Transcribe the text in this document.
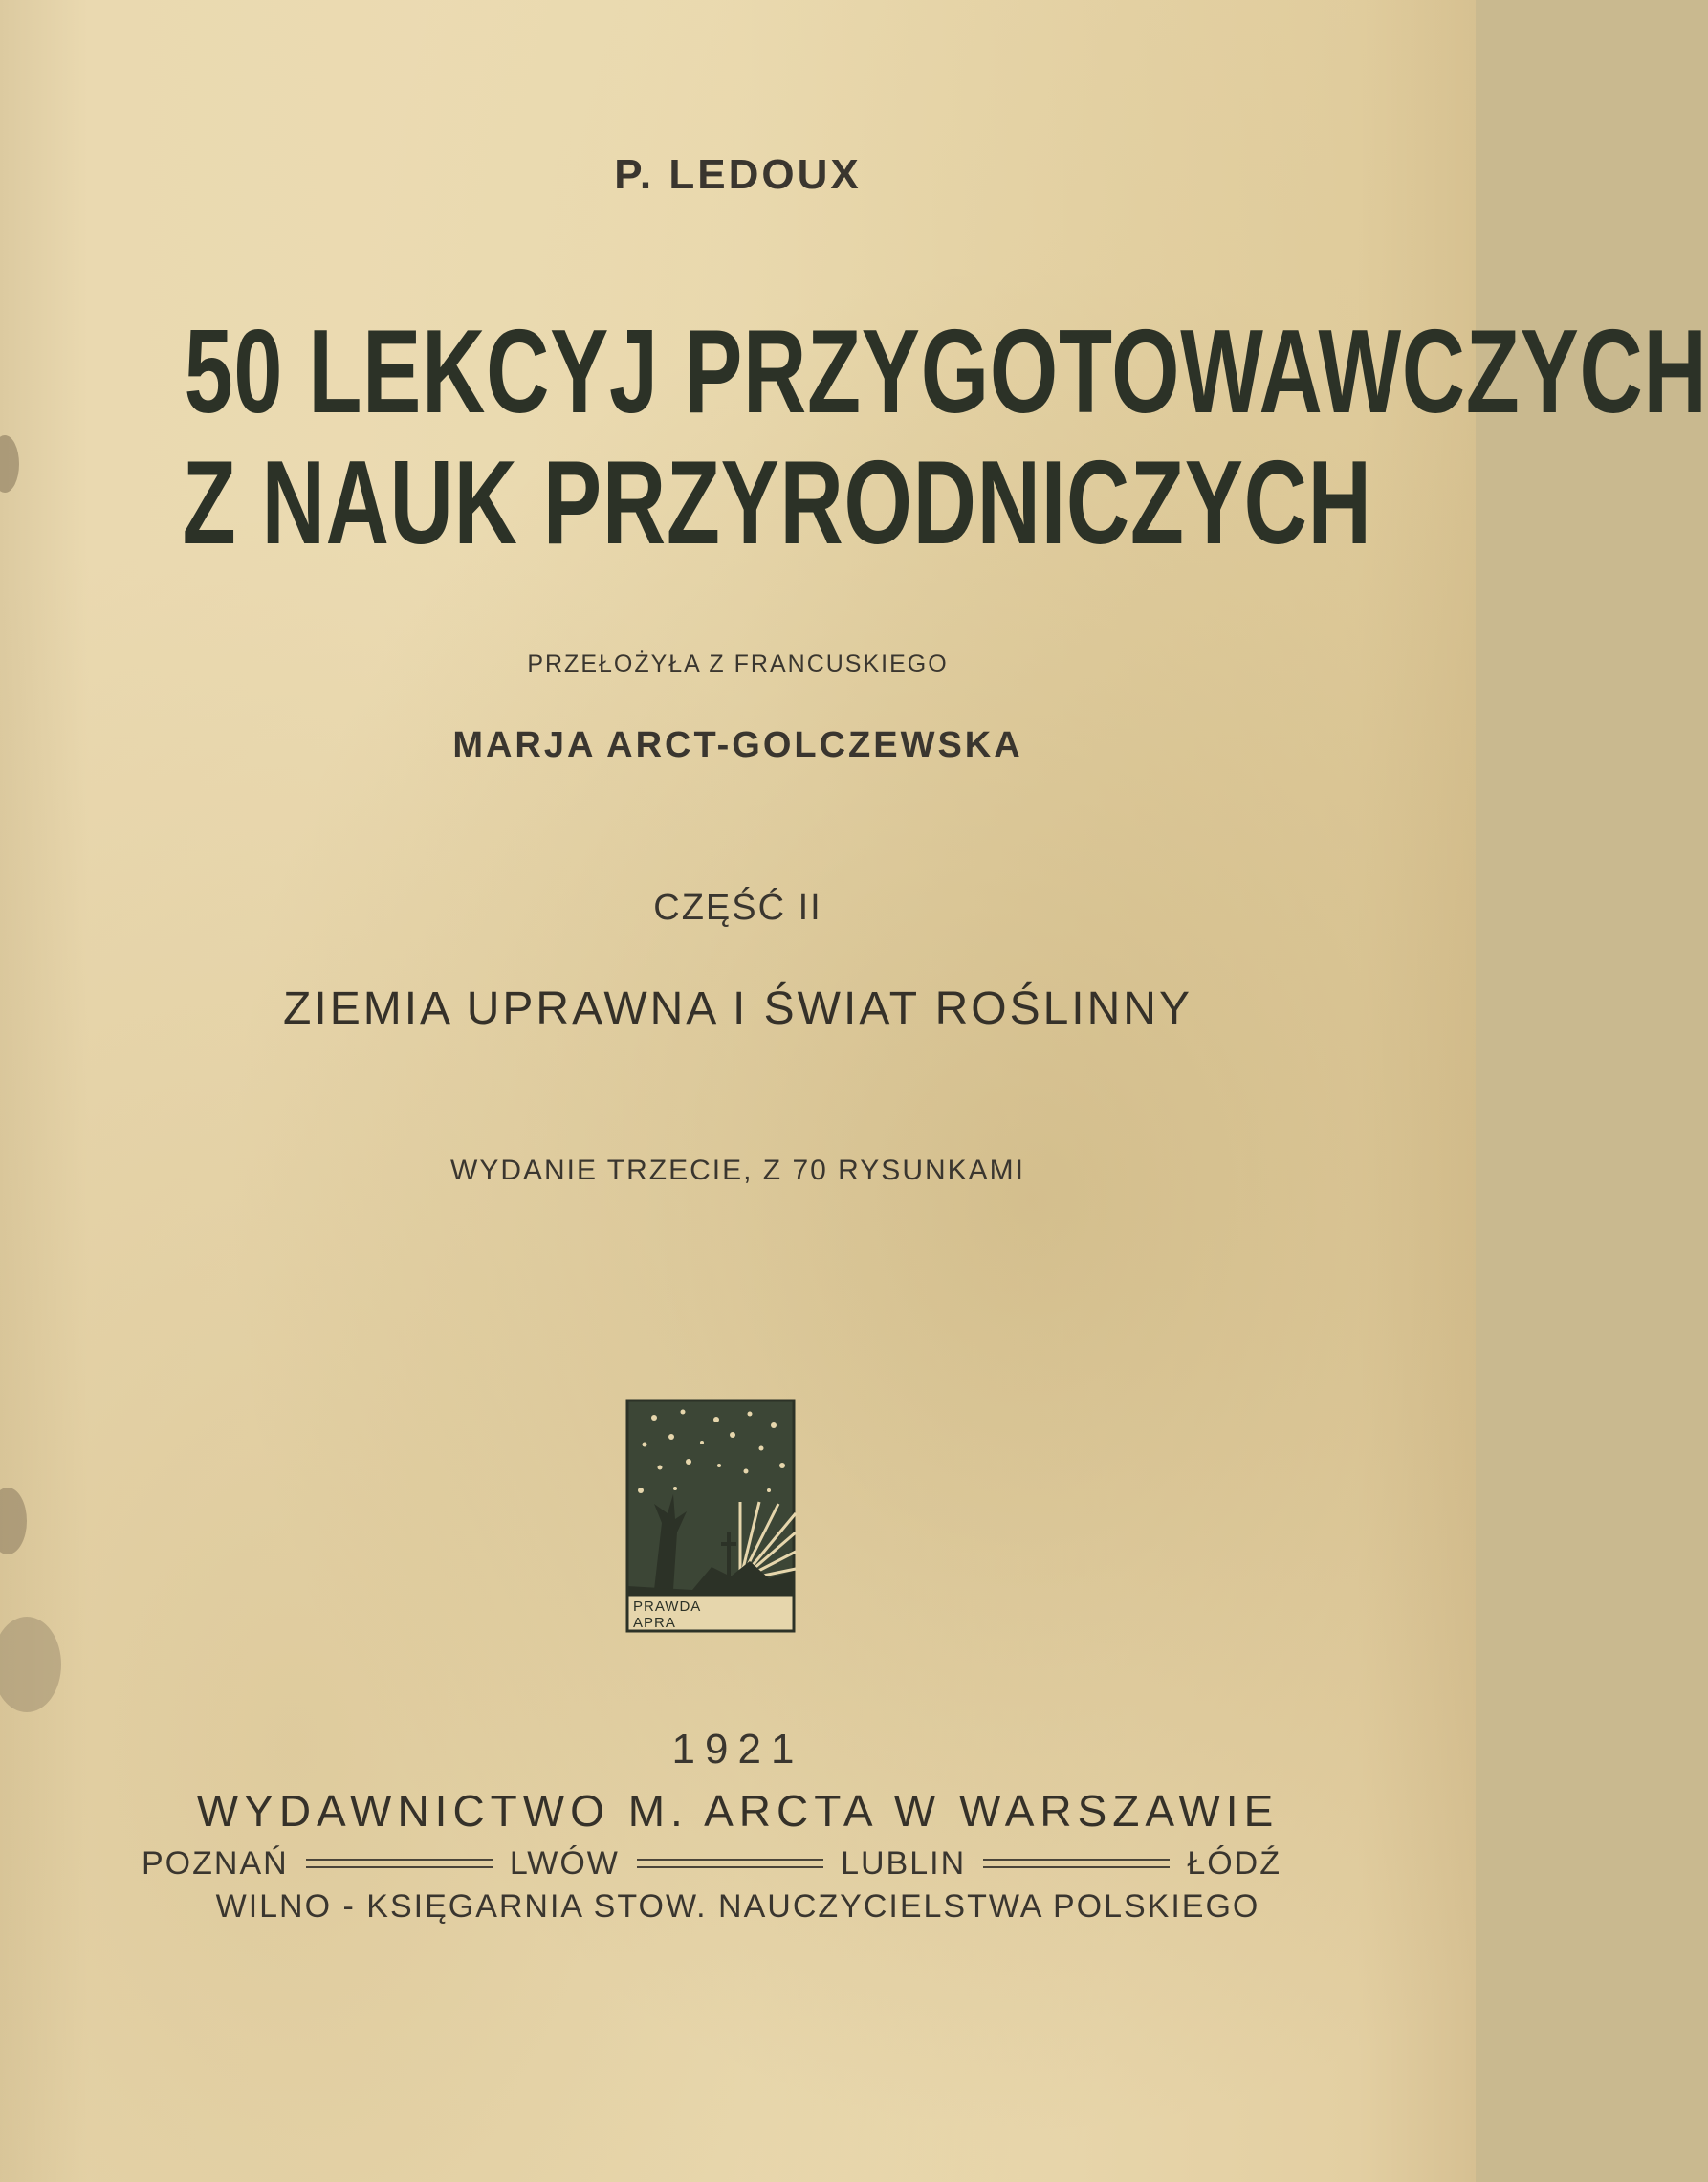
P. LEDOUX
50 LEKCYJ PRZYGOTOWAWCZYCH
Z NAUK PRZYRODNICZYCH
PRZEŁOŻYŁA Z FRANCUSKIEGO
MARJA ARCT-GOLCZEWSKA
CZĘŚĆ II
ZIEMIA UPRAWNA I ŚWIAT ROŚLINNY
WYDANIE TRZECIE, Z 70 RYSUNKAMI
PRAWDA
APRA
1921
WYDAWNICTWO M. ARCTA W WARSZAWIE
POZNAŃ	LWÓW	LUBLIN	ŁÓDŹ
WILNO - KSIĘGARNIA STOW. NAUCZYCIELSTWA POLSKIEGO
